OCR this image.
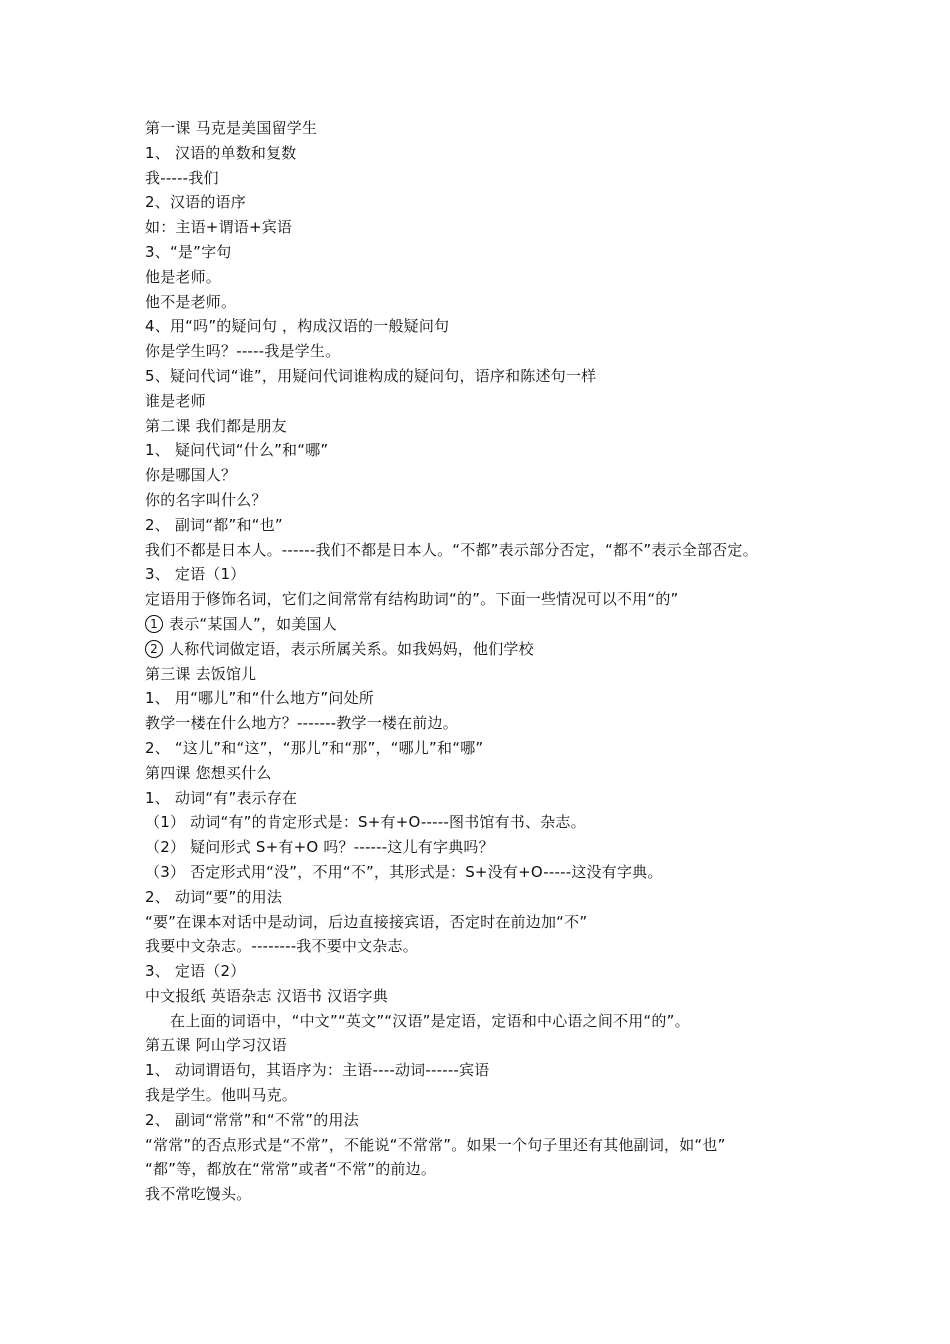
第一课 马克是美国留学生
1、 汉语的单数和复数
我-----我们
2、汉语的语序
如：主语+谓语+宾语
3、“是”字句
他是老师。
他不是老师。
4、用“吗”的疑问句 ，构成汉语的一般疑问句
你是学生吗？-----我是学生。
5、疑问代词“谁”，用疑问代词谁构成的疑问句，语序和陈述句一样
谁是老师
第二课 我们都是朋友
1、 疑问代词“什么”和“哪”
你是哪国人？
你的名字叫什么？
2、 副词“都”和“也”
我们不都是日本人。------我们不都是日本人。“不都”表示部分否定，“都不”表示全部否定。
3、 定语（1）
定语用于修饰名词，它们之间常常有结构助词“的”。下面一些情况可以不用“的”
1 表示“某国人”，如美国人
2 人称代词做定语，表示所属关系。如我妈妈，他们学校
第三课 去饭馆儿
1、 用“哪儿”和“什么地方”问处所
教学一楼在什么地方？-------教学一楼在前边。
2、 “这儿”和“这”，“那儿”和“那”，“哪儿”和“哪”
第四课 您想买什么
1、 动词“有”表示存在
（1） 动词“有”的肯定形式是：S+有+O-----图书馆有书、杂志。
（2） 疑问形式 S+有+O 吗？------这儿有字典吗？
（3） 否定形式用“没”，不用“不”，其形式是：S+没有+O-----这没有字典。
2、 动词“要”的用法
“要”在课本对话中是动词，后边直接接宾语，否定时在前边加“不”
我要中文杂志。--------我不要中文杂志。
3、 定语（2）
中文报纸 英语杂志 汉语书 汉语字典
在上面的词语中，“中文”“英文”“汉语”是定语，定语和中心语之间不用“的”。
第五课 阿山学习汉语
1、 动词谓语句，其语序为：主语----动词------宾语
我是学生。他叫马克。
2、 副词“常常”和“不常”的用法
“常常”的否点形式是“不常”，不能说“不常常”。如果一个句子里还有其他副词，如“也”
“都”等，都放在“常常”或者“不常”的前边。
我不常吃馒头。
